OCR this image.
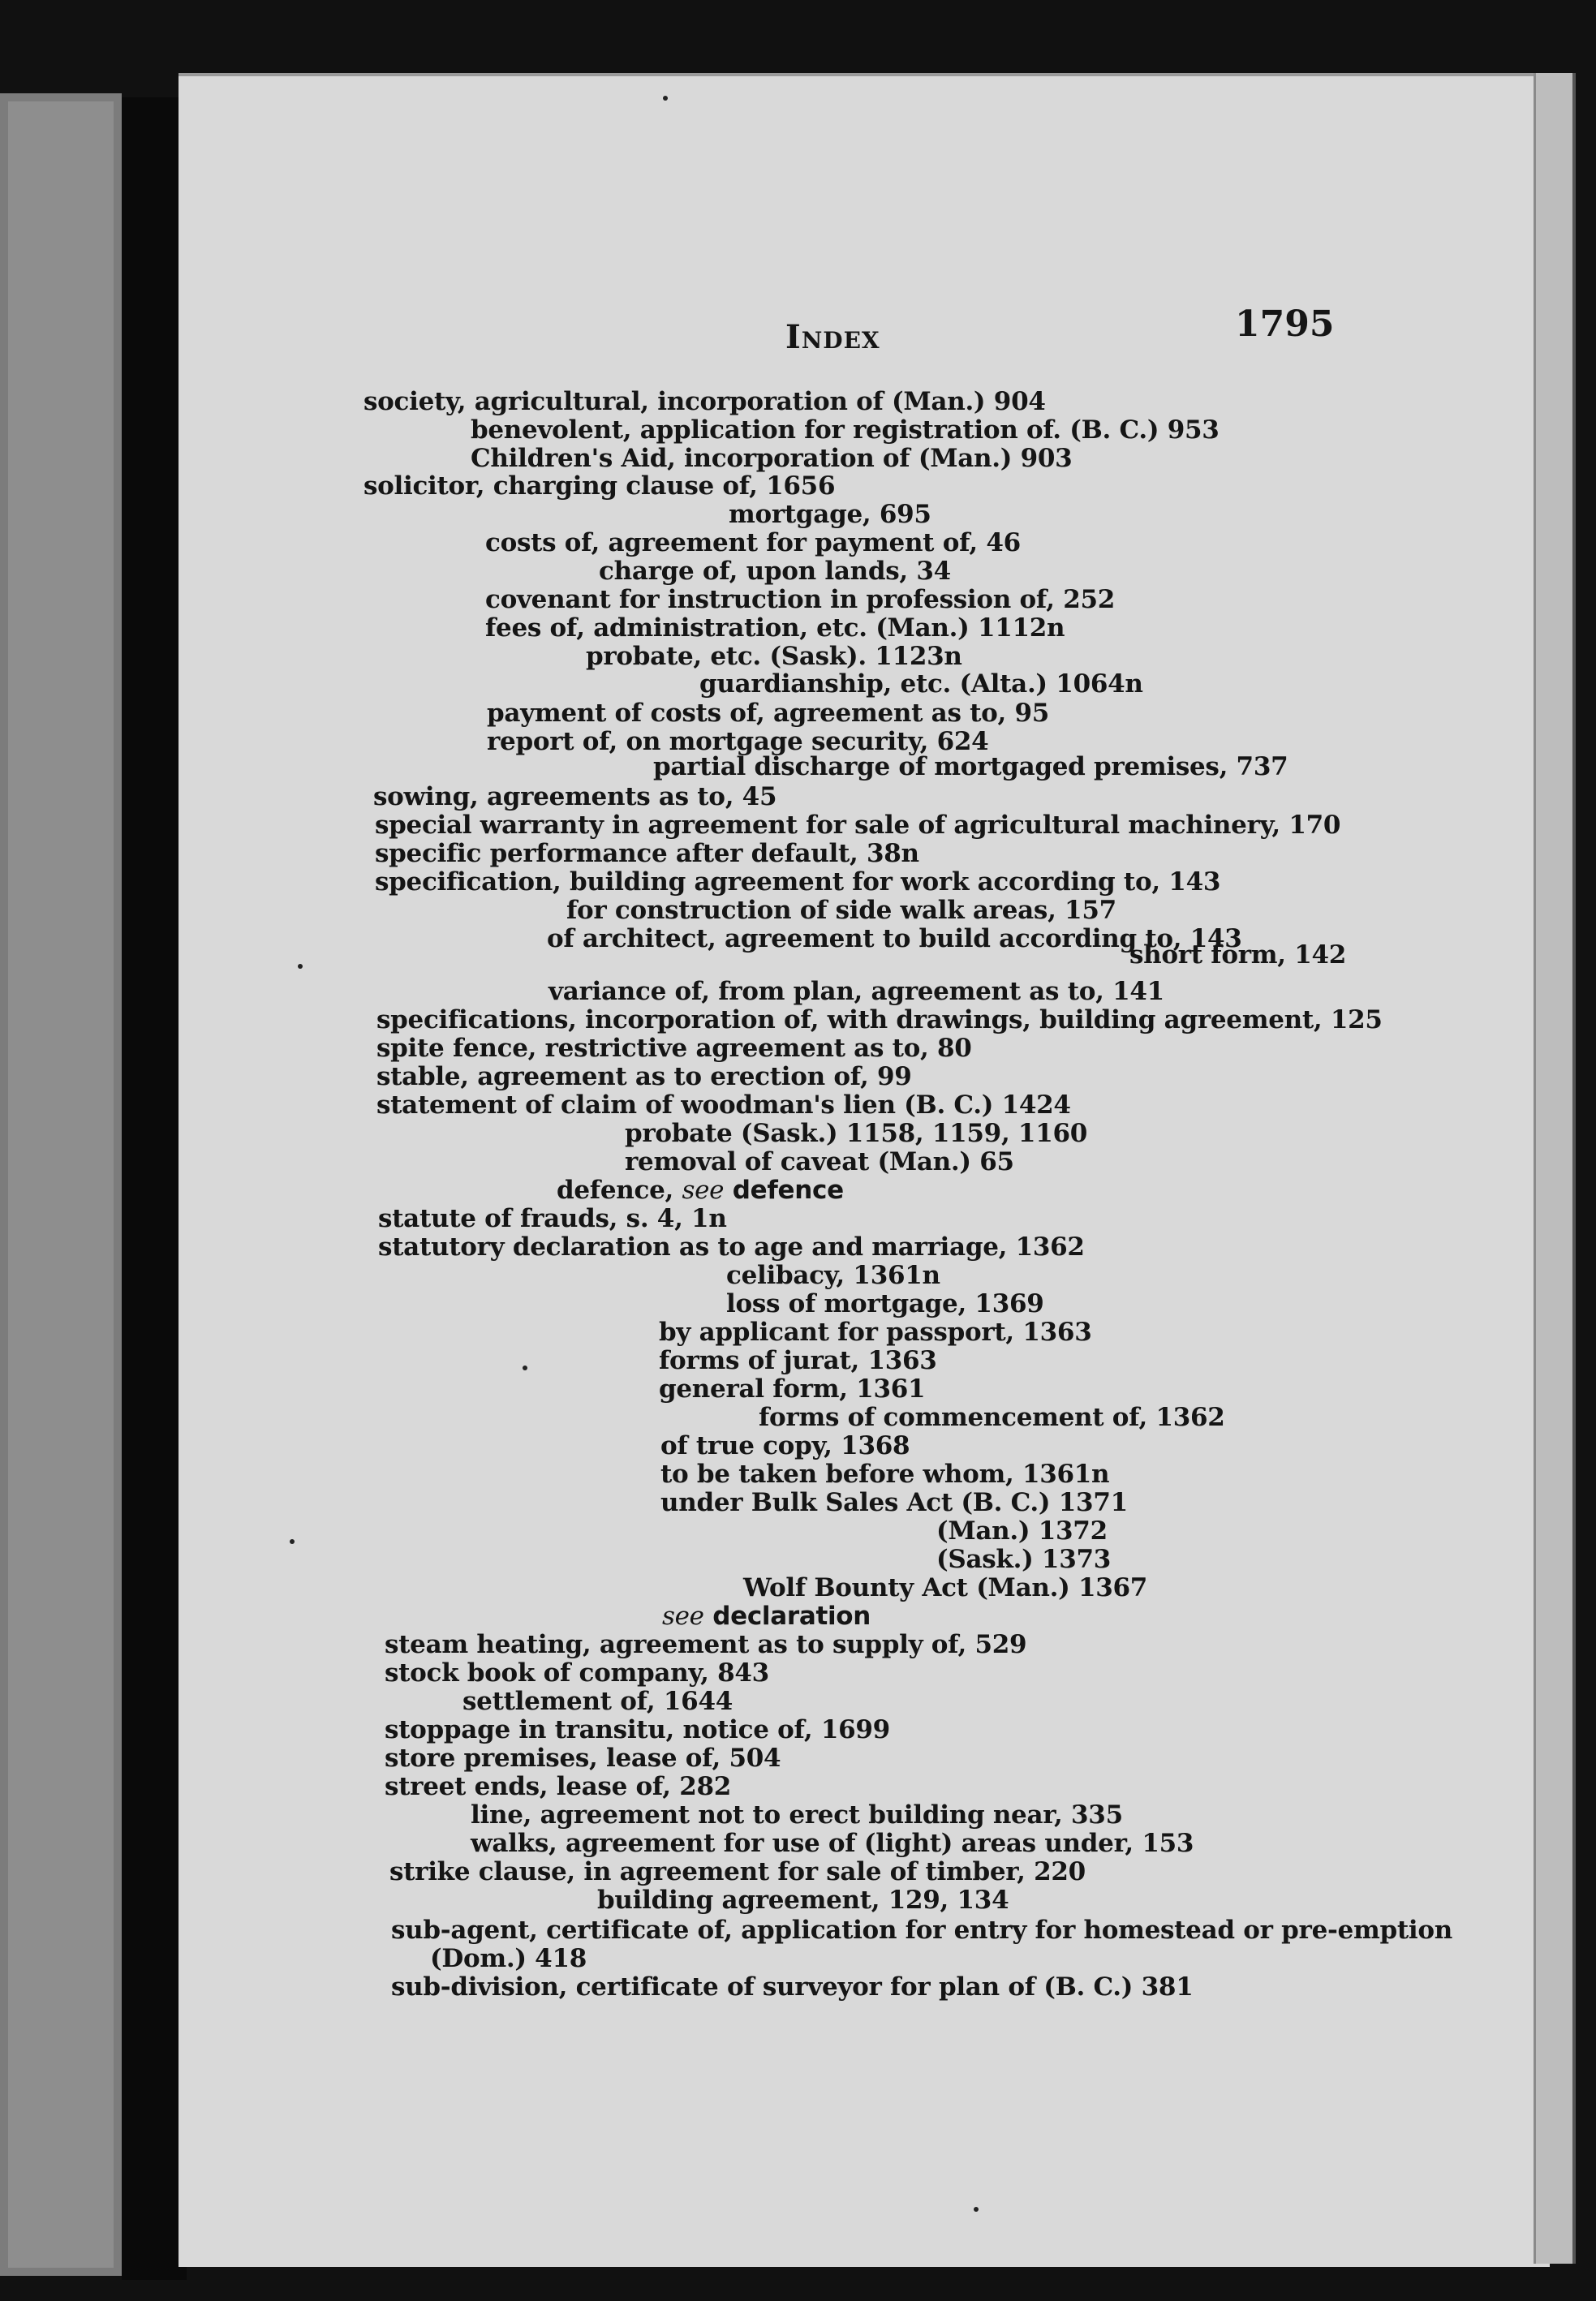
Index	1795
society, agricultural, incorporation of (Man.) 904
benevolent, application for registration of. (B. C.) 953
Children's Aid, incorporation of (Man.) 903
solicitor, charging clause of, 1656
mortgage, 695
costs of, agreement for payment of, 46
charge of, upon lands, 34
covenant for instruction in profession of, 252
fees of, administration, etc. (Man.) 1112n
probate, etc. (Sask). 1123n
guardianship, etc. (Alta.) 1064n
payment of costs of, agreement as to, 95
report of, on mortgage security, 624
partial discharge of mortgaged premises, 737
sowing, agreements as to, 45
special warranty in agreement for sale of agricultural machinery, 170
specific performance after default, 38n
specification, building agreement for work according to, 143
for construction of side walk areas, 157
of architect, agreement to build according to, 143
short form, 142
variance of, from plan, agreement as to, 141
specifications, incorporation of, with drawings, building agreement, 125
spite fence, restrictive agreement as to, 80
stable, agreement as to erection of, 99
statement of claim of woodman's lien (B. C.) 1424
probate (Sask.) 1158, 1159, 1160
removal of caveat (Man.) 65
defence, see defence
statute of frauds, s. 4, 1n
statutory declaration as to age and marriage, 1362
celibacy, 1361n
loss of mortgage, 1369
by applicant for passport, 1363
forms of jurat, 1363
general form, 1361
forms of commencement of, 1362
of true copy, 1368
to be taken before whom, 1361n
under Bulk Sales Act (B. C.) 1371
(Man.) 1372
(Sask.) 1373
Wolf Bounty Act (Man.) 1367
see declaration
steam heating, agreement as to supply of, 529
stock book of company, 843
settlement of, 1644
stoppage in transitu, notice of, 1699
store premises, lease of, 504
street ends, lease of, 282
line, agreement not to erect building near, 335
walks, agreement for use of (light) areas under, 153
strike clause, in agreement for sale of timber, 220
building agreement, 129, 134
sub-agent, certificate of, application for entry for homestead or pre-emption
(Dom.) 418
sub-division, certificate of surveyor for plan of (B. C.) 381
